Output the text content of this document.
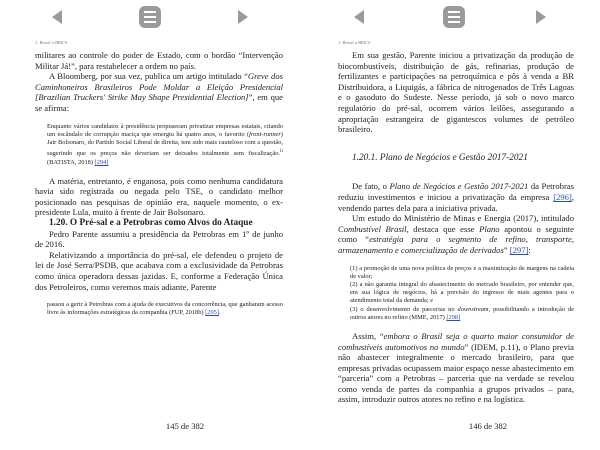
1. Brasil a BRICS

militares ao controle do poder de Estado, com o bordão “Intervenção Militar Já!”, para restabelecer a ordem no país.

A Bloomberg, por sua vez, publica um artigo intitulado “Greve dos Caminhoneiros Brasileiros Pode Moldar a Eleição Presidencial [Brazilian Truckers' Strike May Shape Presidential Election]”, em que se afirma:

Enquanto vários candidatos à presidência propuseram privatizar empresas estatais, citando um escândalo de corrupção maciça que emergiu há quatro anos, o favorito (front-runner) Jair Bolsonaro, do Partido Social Liberal de direita, tem sido mais cauteloso com a questão, sugerindo que os preços não deveriam ser deixados totalmente sem fiscalização.$^{ii}$ (BATISTA, 2018) [294]

A matéria, entretanto, é enganosa, pois como nenhuma candidatura havia sido registrada ou negada pelo TSE, o candidato melhor posicionado nas pesquisas de opinião era, naquele momento, o ex-presidente Lula, muito à frente de Jair Bolsonaro.

1.20. O Pré-sal e a Petrobras como Alvos do Ataque

Pedro Parente assumiu a presidência da Petrobras em 1º de junho de 2016.

Relativizando a importância do pré-sal, ele defendeu o projeto de lei de José Serra/PSDB, que acabava com a exclusividade da Petrobras como única operadora dessas jazidas. E, conforme a Federação Única dos Petroleiros, como veremos mais adiante, Parente

passou a gerir à Petrobras com a ajuda de executivos da concorrência, que ganharam acesso livre às informações estratégicas da companhia (FUP, 2018b) [295].

145 de 382
1. Brasil a BRICS

Em sua gestão, Parente iniciou a privatização da produção de biocombustíveis, distribuição de gás, refinarias, produção de fertilizantes e participações na petroquímica e pôs à venda a BR Distribuidora, a Liquigás, a fábrica de nitrogenados de Três Lagoas e o gasoduto do Sudeste. Nesse período, já sob o novo marco regulatório do pré-sal, ocorrem vários leilões, assegurando a apropriação estrangeira de gigantescos volumes de petróleo brasileiro.

1.20.1. Plano de Negócios e Gestão 2017-2021

De fato, o Plano de Negócios e Gestão 2017-2021 da Petrobras reduziu investimentos e iniciou a privatização da empresa [296], vendendo partes dela para a iniciativa privada.

Um estudo do Ministério de Minas e Energia (2017), intitulado Combustível Brasil, destaca que esse Plano apontou o seguinte como “estratégia para o segmento de refino, transporte, armazenamento e comercialização de derivados” [297]:

(1) a promoção de uma nova política de preços e a maximização de margens na cadeia de valor;

(2) a não garantia integral do abastecimento do mercado brasileiro, por entender que, em sua lógica de negócios, há a previsão do ingresso de mais agentes para o atendimento total da demanda; e

(3) o desenvolvimento de parcerias no downstream, possibilitando a introdução de outros atores no refino (MME, 2017) [298]

Assim, “embora o Brasil seja o quarto maior consumidor de combustíveis automotivos no mundo” (IDEM, p.11), o Plano previa não abastecer integralmente o mercado brasileiro, para que empresas privadas ocupassem maior espaço nesse abastecimento em “parceria” com a Petrobras – parceria que na verdade se revelou como venda de partes da companhia a grupos privados – para, assim, introduzir outros atores no refino e na logística.

146 de 382
